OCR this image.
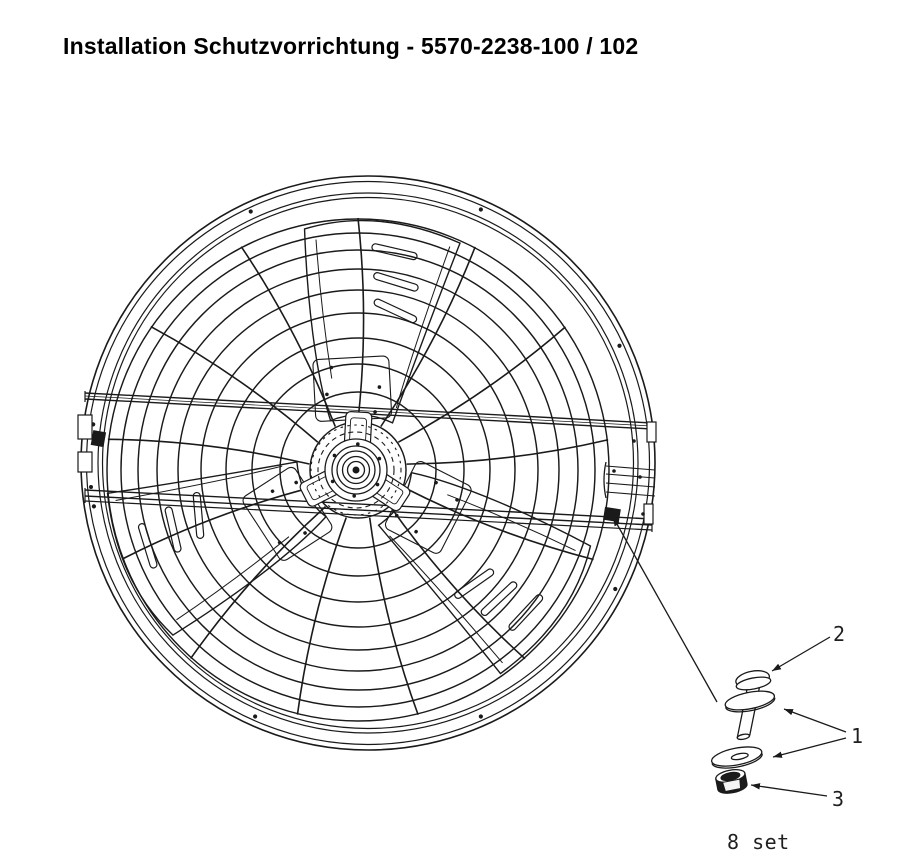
Installation Schutzvorrichtung - 5570-2238-100 / 102
2
1
3
8 set
